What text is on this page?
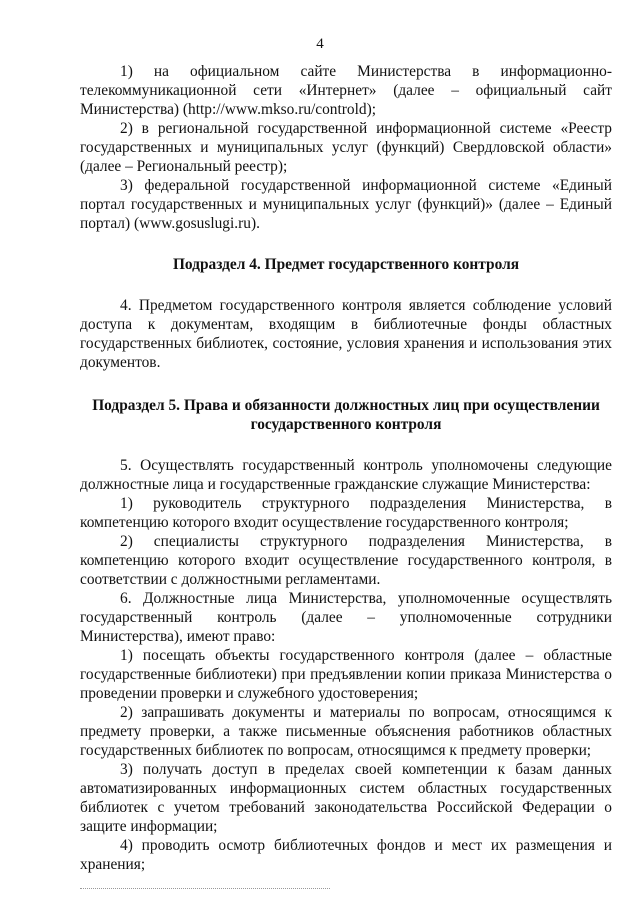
4

1) на официальном сайте Министерства в информационно-телекоммуникационной сети «Интернет» (далее – официальный сайт Министерства) (http://www.mkso.ru/controld);

2) в региональной государственной информационной системе «Реестр государственных и муниципальных услуг (функций) Свердловской области» (далее – Региональный реестр);

3) федеральной государственной информационной системе «Единый портал государственных и муниципальных услуг (функций)» (далее – Единый портал) (www.gosuslugi.ru).

Подраздел 4. Предмет государственного контроля

4. Предметом государственного контроля является соблюдение условий доступа к документам, входящим в библиотечные фонды областных государственных библиотек, состояние, условия хранения и использования этих документов.

Подраздел 5. Права и обязанности должностных лиц при осуществлении государственного контроля

5. Осуществлять государственный контроль уполномочены следующие должностные лица и государственные гражданские служащие Министерства:

1) руководитель структурного подразделения Министерства, в компетенцию которого входит осуществление государственного контроля;

2) специалисты структурного подразделения Министерства, в компетенцию которого входит осуществление государственного контроля, в соответствии с должностными регламентами.

6. Должностные лица Министерства, уполномоченные осуществлять государственный контроль (далее – уполномоченные сотрудники Министерства), имеют право:

1) посещать объекты государственного контроля (далее – областные государственные библиотеки) при предъявлении копии приказа Министерства о проведении проверки и служебного удостоверения;

2) запрашивать документы и материалы по вопросам, относящимся к предмету проверки, а также письменные объяснения работников областных государственных библиотек по вопросам, относящимся к предмету проверки;

3) получать доступ в пределах своей компетенции к базам данных автоматизированных информационных систем областных государственных библиотек с учетом требований законодательства Российской Федерации о защите информации;

4) проводить осмотр библиотечных фондов и мест их размещения и хранения;
